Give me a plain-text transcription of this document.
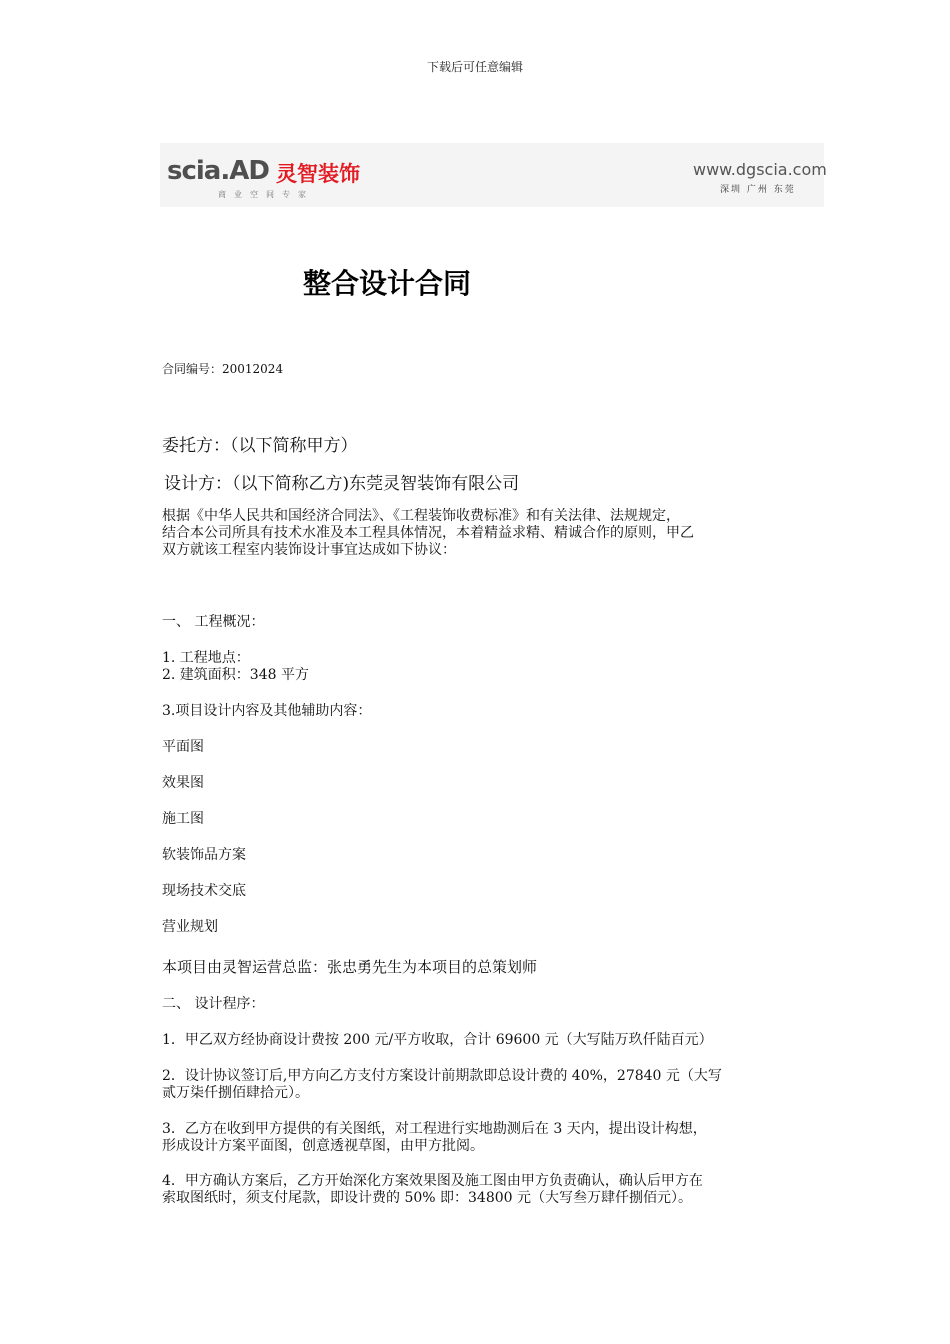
下载后可任意编辑
scia.AD 灵智装饰
商业空间专家
www.dgscia.com
深圳 广州 东莞
整合设计合同
合同编号：20012024
委托方：（以下简称甲方）
设计方：（以下简称乙方)东莞灵智装饰有限公司
根据《中华人民共和国经济合同法》、《工程装饰收费标准》和有关法律、法规规定，
结合本公司所具有技术水准及本工程具体情况，本着精益求精、精诚合作的原则，甲乙
双方就该工程室内装饰设计事宜达成如下协议：
一、 工程概况：
1. 工程地点：
2. 建筑面积：348 平方
3.项目设计内容及其他辅助内容：
平面图
效果图
施工图
软装饰品方案
现场技术交底
营业规划
本项目由灵智运营总监：张忠勇先生为本项目的总策划师
二、 设计程序：
1．甲乙双方经协商设计费按 200 元/平方收取，合计 69600 元（大写陆万玖仟陆百元）
2．设计协议签订后,甲方向乙方支付方案设计前期款即总设计费的 40%，27840 元（大写
贰万柒仟捌佰肆拾元）。
3．乙方在收到甲方提供的有关图纸，对工程进行实地勘测后在 3 天内，提出设计构想，
形成设计方案平面图，创意透视草图，由甲方批阅。
4．甲方确认方案后，乙方开始深化方案效果图及施工图由甲方负责确认，确认后甲方在
索取图纸时，须支付尾款，即设计费的 50% 即：34800 元（大写叁万肆仟捌佰元）。
